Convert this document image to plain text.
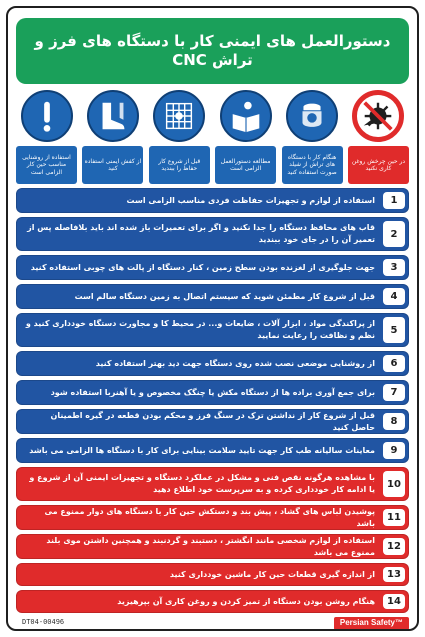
دستورالعمل های ایمنی کار با دستگاه های فرز و تراش CNC
استفاده از روشنایی مناسب حین کار الزامی است
از کفش ایمنی استفاده کنید
قبل از شروع کار حفاظ را ببندید
مطالعه دستورالعمل الزامی است
هنگام کار با دستگاه های تراش از شیلد صورت استفاده کنید
در حین چرخش روغن کاری نکنید
استفاده از لوازم و تجهیزات حفاظت فردی مناسب الزامی است	1
قاب های محافظ دستگاه را جدا نکنید و اگر برای تعمیرات باز شده اند باید بلافاصله پس از تعمیر آن را در جای خود ببندید	2
جهت جلوگیری از لغزنده بودن سطح زمین ، کنار دستگاه از پالت های چوبی استفاده کنید	3
قبل از شروع کار مطمئن شوید که سیستم اتصال به زمین دستگاه سالم است	4
از پراکندگی مواد ، ابزار آلات ، ضایعات و... در محیط کا و مجاورت دستگاه خودداری کنید و نظم و نظافت را رعایت نمایید	5
از روشنایی موضعی نصب شده روی دستگاه جهت دید بهتر استفاده کنید	6
برای جمع آوری براده ها از دستگاه مکش یا چنگک مخصوص و یا آهنربا استفاده شود	7
قبل از شروع کار از نداشتن ترک در سنگ فرز و محکم بودن قطعه در گیره اطمینان حاصل کنید	8
معاینات سالیانه طب کار جهت تایید سلامت بینایی برای کار با دستگاه ها الزامی می باشد	9
با مشاهده هرگونه نقص فنی و مشکل در عملکرد دستگاه و تجهیزات ایمنی آن از شروع و یا ادامه کار خودداری کرده و به سرپرست خود اطلاع دهید	10
پوشیدن لباس های گشاد ، پیش بند و دستکش حین کار با دستگاه های دوار ممنوع می باشد	11
استفاده از لوازم شخصی مانند انگشتر ، دستبند و گردنبند و همچنین داشتن موی بلند ممنوع می باشد	12
از اندازه گیری قطعات حین کار ماشین خودداری کنید	13
هنگام روشن بودن دستگاه از تمیز کردن و روغن کاری آن بپرهیزید	14
DT04-00496	Persian Safety™
